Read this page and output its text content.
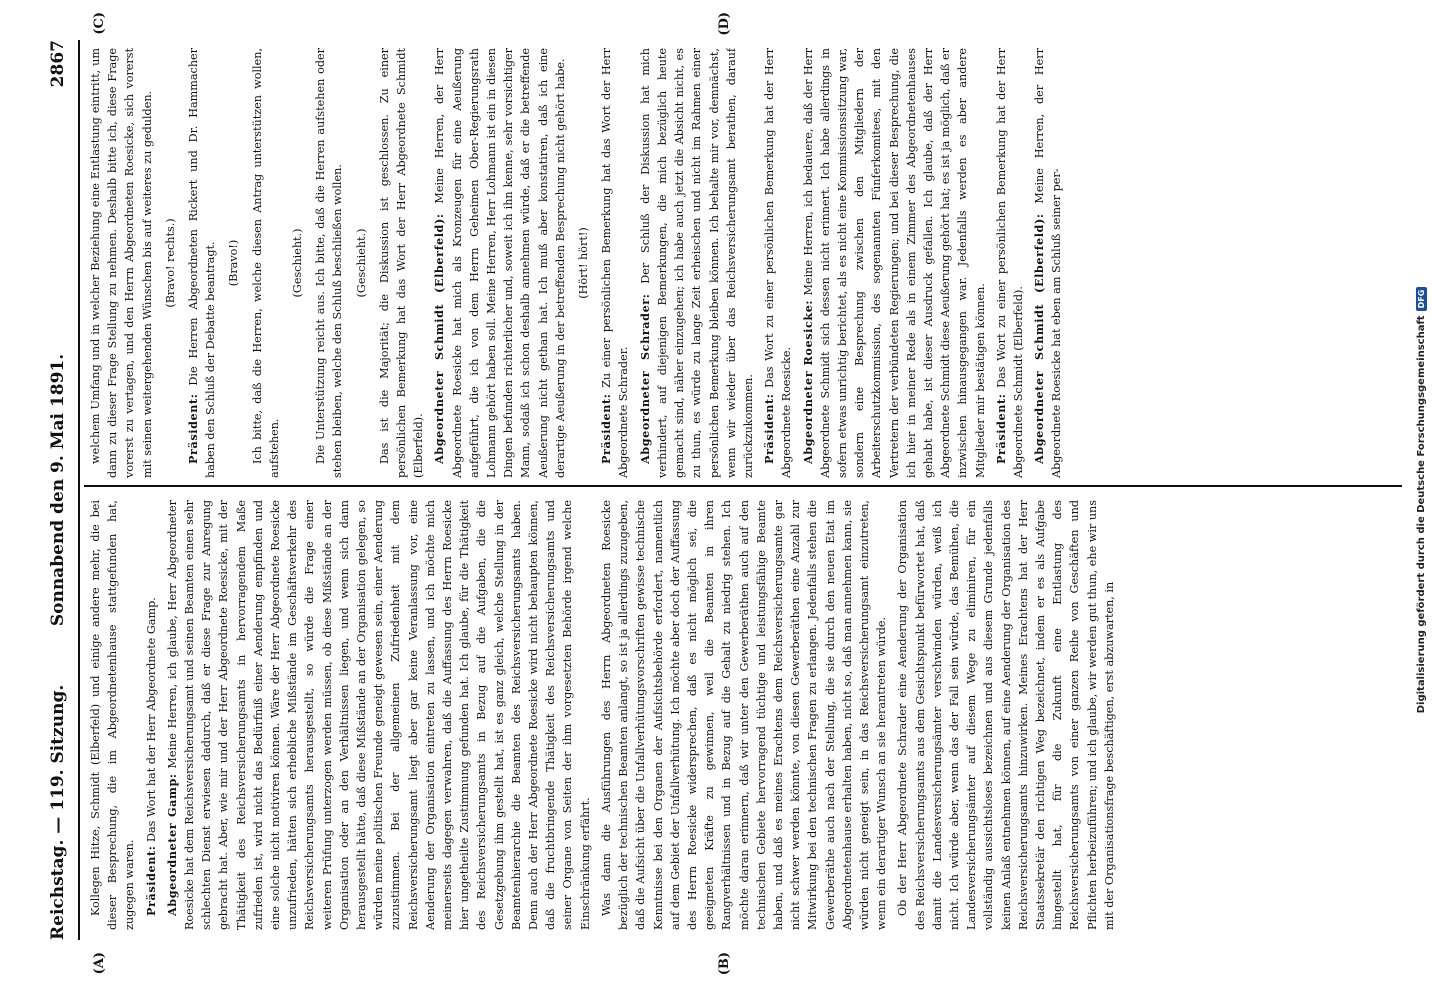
Reichstag. — 119. Sitzung.
Sonnabend den 9. Mai 1891.
2867
(A)	(B)
(C)	(D)

Kollegen Hitze, Schmidt (Elberfeld) und einige andere mehr, die bei dieser Besprechung, die im Abgeordnetenhause stattgefunden hat, zugegen waren. Präsident: Das Wort hat der Herr Abgeordnete Gamp. Abgeordneter Gamp: Meine Herren, ich glaube, Herr Abgeordneter Roesicke hat dem Reichsversicherungsamt und seinen Beamten einen sehr schlechten Dienst erwiesen dadurch, daß er diese Frage zur Anregung gebracht hat. Aber, wie mir und der Herr Abgeordnete Roesicke, mit der Thätigkeit des Reichsversicherungsamts in hervorragendem Maße zufrieden ist, wird nicht das Bedürfniß einer Aenderung empfinden und eine solche nicht motiviren können. Wäre der Herr Abgeordnete Roesicke unzufrieden, hätten sich erhebliche Mißstände im Geschäftsverkehr des Reichsversicherungsamts herausgestellt, so würde die Frage einer weiteren Prüfung unterzogen werden müssen, ob diese Mißstände an der Organisation oder an den Verhältnissen liegen, und wenn sich dann herausgestellt hätte, daß diese Mißstände an der Organisation gelegen, so würden meine politischen Freunde geneigt gewesen sein, einer Aenderung zuzustimmen. Bei der allgemeinen Zufriedenheit mit dem Reichsversicherungsamt liegt aber gar keine Veranlassung vor, eine Aenderung der Organisation eintreten zu lassen, und ich möchte mich meinerseits dagegen verwahren, daß die Auffassung des Herrn Roesicke hier ungetheilte Zustimmung gefunden hat. Ich glaube, für die Thätigkeit des Reichsversicherungsamts in Bezug auf die Aufgaben, die die Gesetzgebung ihm gestellt hat, ist es ganz gleich, welche Stellung in der Beamtenhierarchie die Beamten des Reichsversicherungsamts haben. Denn auch der Herr Abgeordnete Roesicke wird nicht behaupten können, daß die fruchtbringende Thätigkeit des Reichsversicherungsamts und seiner Organe von Seiten der ihm vorgesetzten Behörde irgend welche Einschränkung erfährt. Was dann die Ausführungen des Herrn Abgeordneten Roesicke bezüglich der technischen Beamten anlangt, so ist ja allerdings zuzugeben, daß die Aufsicht über die Unfallverhütungsvorschriften gewisse technische Kenntnisse bei den Organen der Aufsichtsbehörde erfordert, namentlich auf dem Gebiet der Unfallverhütung. Ich möchte aber doch der Auffassung des Herrn Roesicke widersprechen, daß es nicht möglich sei, die geeigneten Kräfte zu gewinnen, weil die Beamten in ihren Rangverhältnissen und in Bezug auf die Gehalt zu niedrig stehen. Ich möchte daran erinnern, daß wir unter den Gewerberäthen auch auf den technischen Gebiete hervorragend tüchtige und leistungsfähige Beamte haben, und daß es meines Erachtens dem Reichsversicherungsamte gar nicht schwer werden könnte, von diesen Gewerberäthen eine Anzahl zur Mitwirkung bei den technischen Fragen zu erlangen. Jedenfalls stehen die Gewerberäthe auch nach der Stellung, die sie durch den neuen Etat im Abgeordnetenhause erhalten haben, nicht so, daß man annehmen kann, sie würden nicht geneigt sein, in das Reichsversicherungsamt einzutreten, wenn ein derartiger Wunsch an sie herantreten würde. Ob der Herr Abgeordnete Schrader eine Aenderung der Organisation des Reichsversicherungsamts aus dem Gesichtspunkt befürwortet hat, daß damit die Landesversicherungsämter verschwinden würden, weiß ich nicht. Ich würde aber, wenn das der Fall sein würde, das Bemühen, die Landesversicherungsämter auf diesem Wege zu eliminiren, für ein vollständig aussichtsloses bezeichnen und aus diesem Grunde jedenfalls keinen Anlaß entnehmen können, auf eine Aenderung der Organisation des Reichsversicherungsamts hinzuwirken. Meines Erachtens hat der Herr Staatssekretär den richtigen Weg bezeichnet, indem er es als Aufgabe hingestellt hat, für die Zukunft eine Entlastung des Reichsversicherungsamts von einer ganzen Reihe von Geschäften und Pflichten herbeizuführen; und ich glaube, wir werden gut thun, ehe wir uns mit der Organisationsfrage beschäftigen, erst abzuwarten, in

welchem Umfang und in welcher Beziehung eine Entlastung eintritt, um dann zu dieser Frage Stellung zu nehmen. Deshalb bitte ich, diese Frage vorerst zu vertagen, und den Herrn Abgeordneten Roesicke, sich vorerst mit seinen weitergehenden Wünschen bis auf weiteres zu gedulden. (Bravo! rechts.)

Präsident: Die Herren Abgeordneten Rickert und Dr. Hammacher haben den Schluß der Debatte beantragt. (Bravo!) Ich bitte, daß die Herren, welche diesen Antrag unterstützen wollen, aufstehen.

(Geschieht.) Die Unterstützung reicht aus. Ich bitte, daß die Herren aufstehen oder stehen bleiben, welche den Schluß beschließen wollen. (Geschieht.) Das ist die Majorität; die Diskussion ist geschlossen. Zu einer persönlichen Bemerkung hat das Wort der Herr Abgeordnete Schmidt (Elberfeld). Abgeordneter Schmidt (Elberfeld): Meine Herren, der Herr Abgeordnete Roesicke hat mich als Kronzeugen für eine Aeußerung aufgeführt, die ich von dem Herrn Geheimen Ober-Regierungsrath Lohmann gehört haben soll. Meine Herren, Herr Lohmann ist ein in diesen Dingen befunden richterlicher und, soweit ich ihn kenne, sehr vorsichtiger Mann, sodaß ich schon deshalb annehmen würde, daß er die betreffende Aeußerung nicht gethan hat. Ich muß aber konstatiren, daß ich eine derartige Aeußerung in der betreffenden Besprechung nicht gehört habe. (Hört! hört!)

Präsident: Zu einer persönlichen Bemerkung hat das Wort der Herr Abgeordnete Schrader. Abgeordneter Schrader: Der Schluß der Diskussion hat mich verhindert, auf diejenigen Bemerkungen, die mich bezüglich heute gemacht sind, näher einzugehen; ich habe auch jetzt die Absicht nicht, es zu thun, es würde zu lange Zeit erheischen und nicht im Rahmen einer persönlichen Bemerkung bleiben können. Ich behalte mir vor, demnächst, wenn wir wieder über das Reichsversicherungsamt berathen, darauf zurückzukommen. Präsident: Das Wort zu einer persönlichen Bemerkung hat der Herr Abgeordnete Roesicke. Abgeordneter Roesicke: Meine Herren, ich bedauere, daß der Herr Abgeordnete Schmidt sich dessen nicht erinnert. Ich habe allerdings in sofern etwas unrichtig berichtet, als es nicht eine Kommissionssitzung war, sondern eine Besprechung zwischen den Mitgliedern der Arbeiterschutzkommission, des sogenannten Fünferkomitees, mit den Vertretern der verbündeten Regierungen; und bei dieser Besprechung, die ich hier in meiner Rede als in einem Zimmer des Abgeordnetenhauses gehabt habe, ist dieser Ausdruck gefallen. Ich glaube, daß der Herr Abgeordnete Schmidt diese Aeußerung gehört hat; es ist ja möglich, daß er inzwischen hinausgegangen war. Jedenfalls werden es aber andere Mitglieder mir bestätigen können. Präsident: Das Wort zu einer persönlichen Bemerkung hat der Herr Abgeordnete Schmidt (Elberfeld). Abgeordneter Schmidt (Elberfeld): Meine Herren, der Herr Abgeordnete Roesicke hat eben am Schluß seiner per-	Digitalisierung gefördert durch die Deutsche Forschungsgemeinschaft
DFG
